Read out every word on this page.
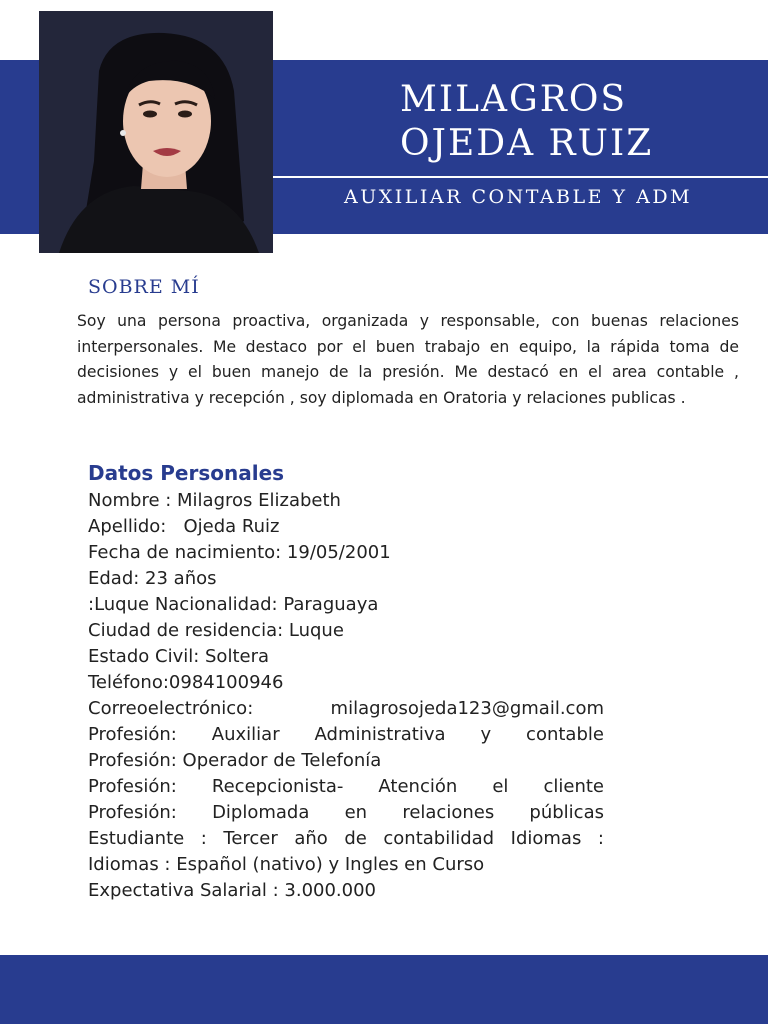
MILAGROS
OJEDA RUIZ
AUXILIAR CONTABLE Y ADM
SOBRE MÍ
Soy una persona proactiva, organizada y responsable, con buenas relaciones interpersonales. Me destaco por el buen trabajo en equipo, la rápida toma de decisiones y el buen manejo de la presión. Me destacó en el area contable , administrativa y recepción , soy diplomada en Oratoria y relaciones publicas .
Datos Personales
Nombre : Milagros Elizabeth
Apellido:   Ojeda Ruiz
Fecha de nacimiento: 19/05/2001
Edad: 23 años
:Luque Nacionalidad: Paraguaya
Ciudad de residencia: Luque
Estado Civil: Soltera
Teléfono:0984100946
Correoelectrónico:	milagrosojeda123@gmail.com
Profesión: Auxiliar Administrativa y contable
Profesión: Operador de Telefonía
Profesión: Recepcionista- Atención el cliente
Profesión: Diplomada en relaciones públicas
Estudiante : Tercer año de contabilidad Idiomas :
Idiomas : Español (nativo) y Ingles en Curso
Expectativa Salarial : 3.000.000
